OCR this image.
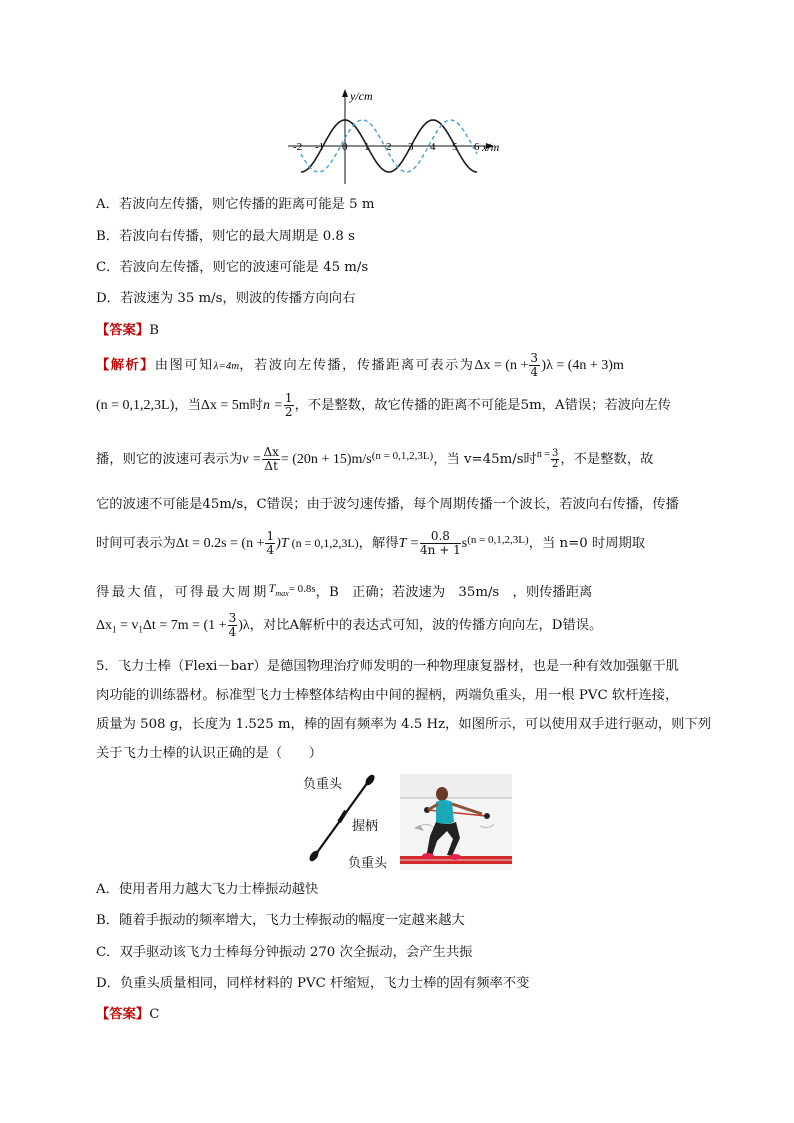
y/cm
x/m
-2 -1 0 1 2 3 4 5 6
A．若波向左传播，则它传播的距离可能是 5 m
B．若波向右传播，则它的最大周期是 0.8 s
C．若波向左传播，则它的波速可能是 45 m/s
D．若波速为 35 m/s，则波的传播方向向右
【答案】B
【解析】由图可知λ=4m，若波向左传播，传播距离可表示为$\Delta x = (n + \frac{3}{4} )\lambda = (4n + 3)m$
(n = 0,1,2,3L)，当Δx = 5m时$n = \frac{1}{2}$ ，不是整数，故它传播的距离不可能是5m，A错误；若波向左传
播，则它的波速可表示为$v = \frac{\Delta x}{\Delta t} = (20n + 15)m/s^{(n = 0,1,2,3L)}$，当 v=45m/s时$^{n =} \frac{3}{2}$ ，不是整数，故
它的波速不可能是45m/s，C错误；由于波匀速传播，每个周期传播一个波长，若波向右传播，传播
时间可表示为$\Delta t = 0.2s = (n + \frac{1}{4} )T$ (n = 0,1,2,3L)，解得$T = \frac{0.8}{4n + 1} s^{(n = 0,1,2,3L)}$，当 n=0 时周期取
得最大值，可得最大周期Tmax$^{= 0.8s}$，B　正确；若波速为　35m/s　，则传播距离
$\Delta x_1 = v_1\Delta t = 7m = (1 + \frac{3}{4} )\lambda$，对比A解析中的表达式可知，波的传播方向向左，D错误。
5．飞力士棒（Flexi－bar）是德国物理治疗师发明的一种物理康复器材，也是一种有效加强躯干肌
肉功能的训练器材。标准型飞力士棒整体结构由中间的握柄，两端负重头，用一根 PVC 软杆连接，
质量为 508 g，长度为 1.525 m，棒的固有频率为 4.5 Hz，如图所示，可以使用双手进行驱动，则下列
关于飞力士棒的认识正确的是（　　）
负重头
握柄
负重头
A．使用者用力越大飞力士棒振动越快
B．随着手振动的频率增大，飞力士棒振动的幅度一定越来越大
C．双手驱动该飞力士棒每分钟振动 270 次全振动，会产生共振
D．负重头质量相同，同样材料的 PVC 杆缩短，飞力士棒的固有频率不变
【答案】C
